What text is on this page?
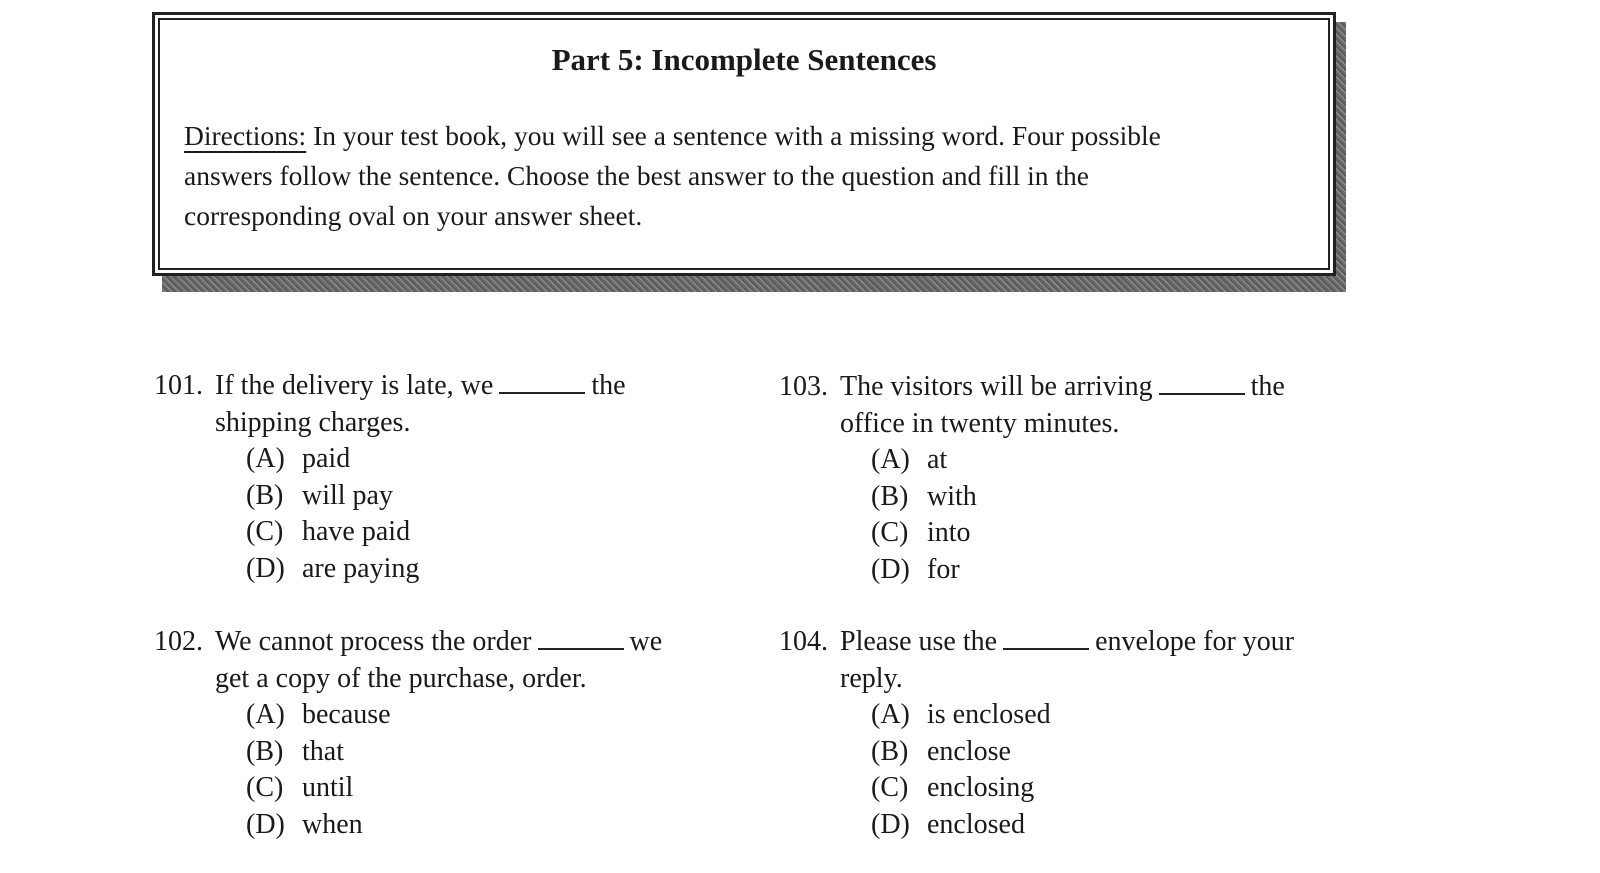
Part 5: Incomplete Sentences
Directions: In your test book, you will see a sentence with a missing word. Four possible
answers follow the sentence. Choose the best answer to the question and fill in the
corresponding oval on your answer sheet.
101. If the delivery is late, we	the
shipping charges.
(A) paid
(B) will pay
(C) have paid
(D) are paying
102. We cannot process the order	we
get a copy of the purchase, order.
(A) because
(B) that
(C) until
(D) when
103. The visitors will be arriving	the
office in twenty minutes.
(A) at
(B) with
(C) into
(D) for
104. Please use the	envelope for your
reply.
(A) is enclosed
(B) enclose
(C) enclosing
(D) enclosed
